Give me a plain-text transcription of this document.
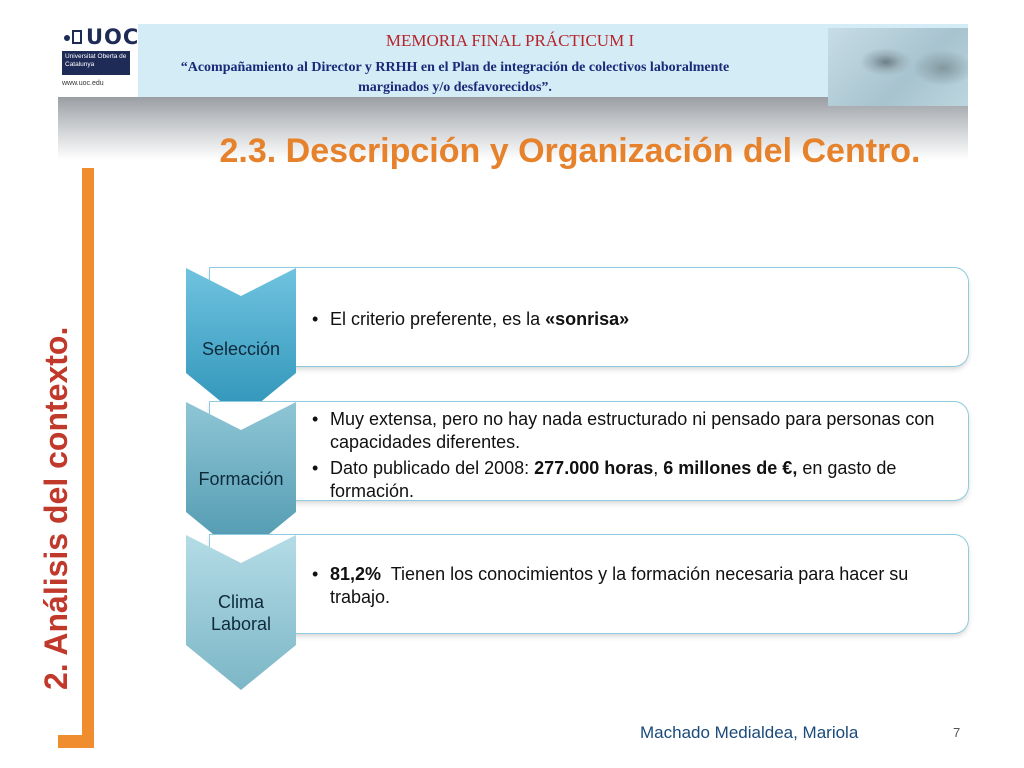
UOC
Universitat Oberta de Catalunya
www.uoc.edu
MEMORIA FINAL PRÁCTICUM I
“Acompañamiento al Director y RRHH en el Plan de integración de colectivos laboralmente marginados y/o desfavorecidos”.
2.3. Descripción y Organización del Centro.
2. Análisis del contexto.
• El criterio preferente, es la «sonrisa»
Selección
• Muy extensa, pero no hay nada estructurado ni pensado para personas con capacidades diferentes.
• Dato publicado del 2008: 277.000 horas, 6 millones de €, en gasto de formación.
Formación
• 81,2%  Tienen los conocimientos y la formación necesaria para hacer su trabajo.
Clima Laboral
Machado Medialdea, Mariola	7
